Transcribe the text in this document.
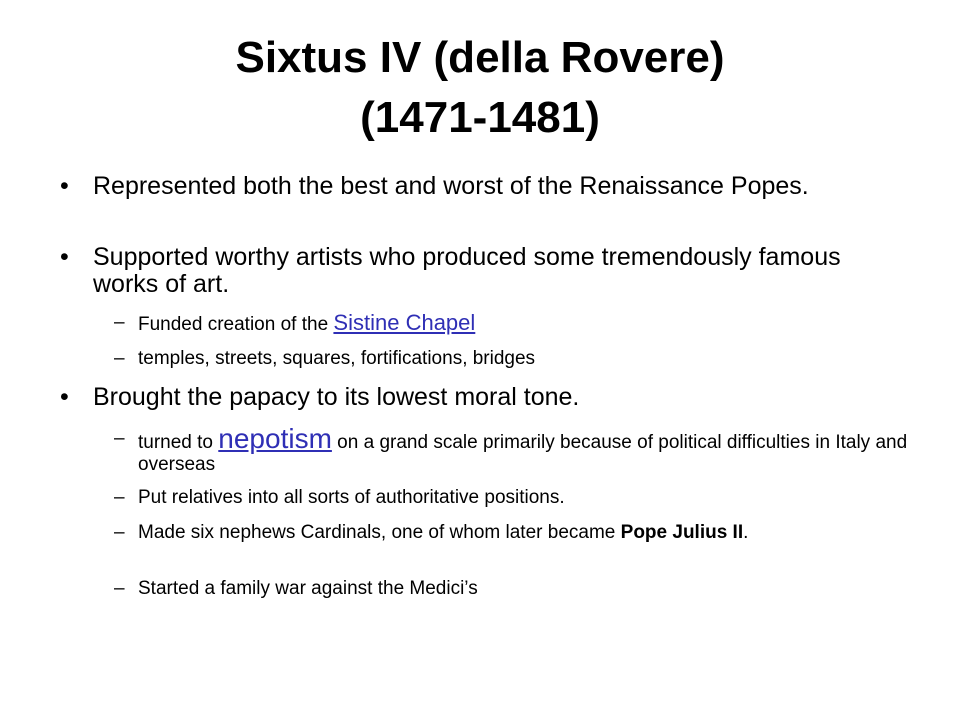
Sixtus IV (della Rovere)
(1471-1481)
• Represented both the best and worst of the Renaissance Popes.
• Supported worthy artists who produced some tremendously famous works of art.
– Funded creation of the Sistine Chapel
– temples, streets, squares, fortifications, bridges
• Brought the papacy to its lowest moral tone.
– turned to nepotism on a grand scale primarily because of political difficulties in Italy and overseas
– Put relatives into all sorts of authoritative positions.
– Made six nephews Cardinals, one of whom later became Pope Julius II.
– Started a family war against the Medici’s
